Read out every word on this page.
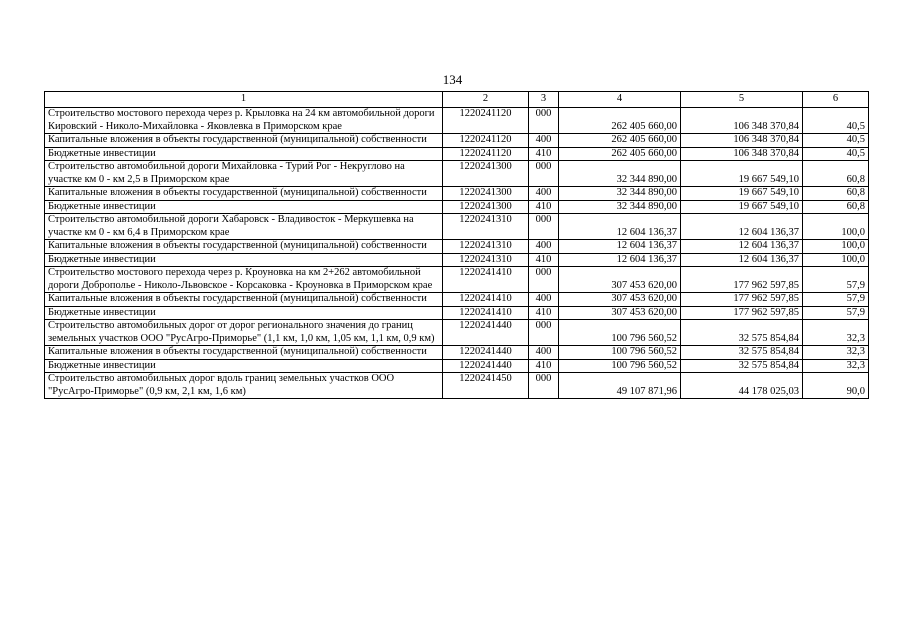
134
1	2	3	4	5	6
Строительство мостового перехода через р. Крыловка на 24 км автомобильной дороги Кировский - Николо-Михайловка - Яковлевка в Приморском крае	1220241120	000	262 405 660,00	106 348 370,84	40,5
Капитальные вложения в объекты государственной (муниципальной) собственности	1220241120	400	262 405 660,00	106 348 370,84	40,5
Бюджетные инвестиции	1220241120	410	262 405 660,00	106 348 370,84	40,5
Строительство автомобильной дороги Михайловка - Турий Рог - Некруглово на участке км 0 - км 2,5 в Приморском крае	1220241300	000	32 344 890,00	19 667 549,10	60,8
Капитальные вложения в объекты государственной (муниципальной) собственности	1220241300	400	32 344 890,00	19 667 549,10	60,8
Бюджетные инвестиции	1220241300	410	32 344 890,00	19 667 549,10	60,8
Строительство автомобильной дороги Хабаровск - Владивосток - Меркушевка на участке км 0 - км 6,4 в Приморском крае	1220241310	000	12 604 136,37	12 604 136,37	100,0
Капитальные вложения в объекты государственной (муниципальной) собственности	1220241310	400	12 604 136,37	12 604 136,37	100,0
Бюджетные инвестиции	1220241310	410	12 604 136,37	12 604 136,37	100,0
Строительство мостового перехода через р. Кроуновка на км 2+262 автомобильной дороги Доброполье - Николо-Львовское - Корсаковка - Кроуновка в Приморском крае	1220241410	000	307 453 620,00	177 962 597,85	57,9
Капитальные вложения в объекты государственной (муниципальной) собственности	1220241410	400	307 453 620,00	177 962 597,85	57,9
Бюджетные инвестиции	1220241410	410	307 453 620,00	177 962 597,85	57,9
Строительство автомобильных дорог от дорог регионального значения до границ земельных участков ООО "РусАгро-Приморье" (1,1 км, 1,0 км, 1,05 км, 1,1 км, 0,9 км)	1220241440	000	100 796 560,52	32 575 854,84	32,3
Капитальные вложения в объекты государственной (муниципальной) собственности	1220241440	400	100 796 560,52	32 575 854,84	32,3
Бюджетные инвестиции	1220241440	410	100 796 560,52	32 575 854,84	32,3
Строительство автомобильных дорог вдоль границ земельных участков ООО "РусАгро-Приморье" (0,9 км, 2,1 км, 1,6 км)	1220241450	000	49 107 871,96	44 178 025,03	90,0
